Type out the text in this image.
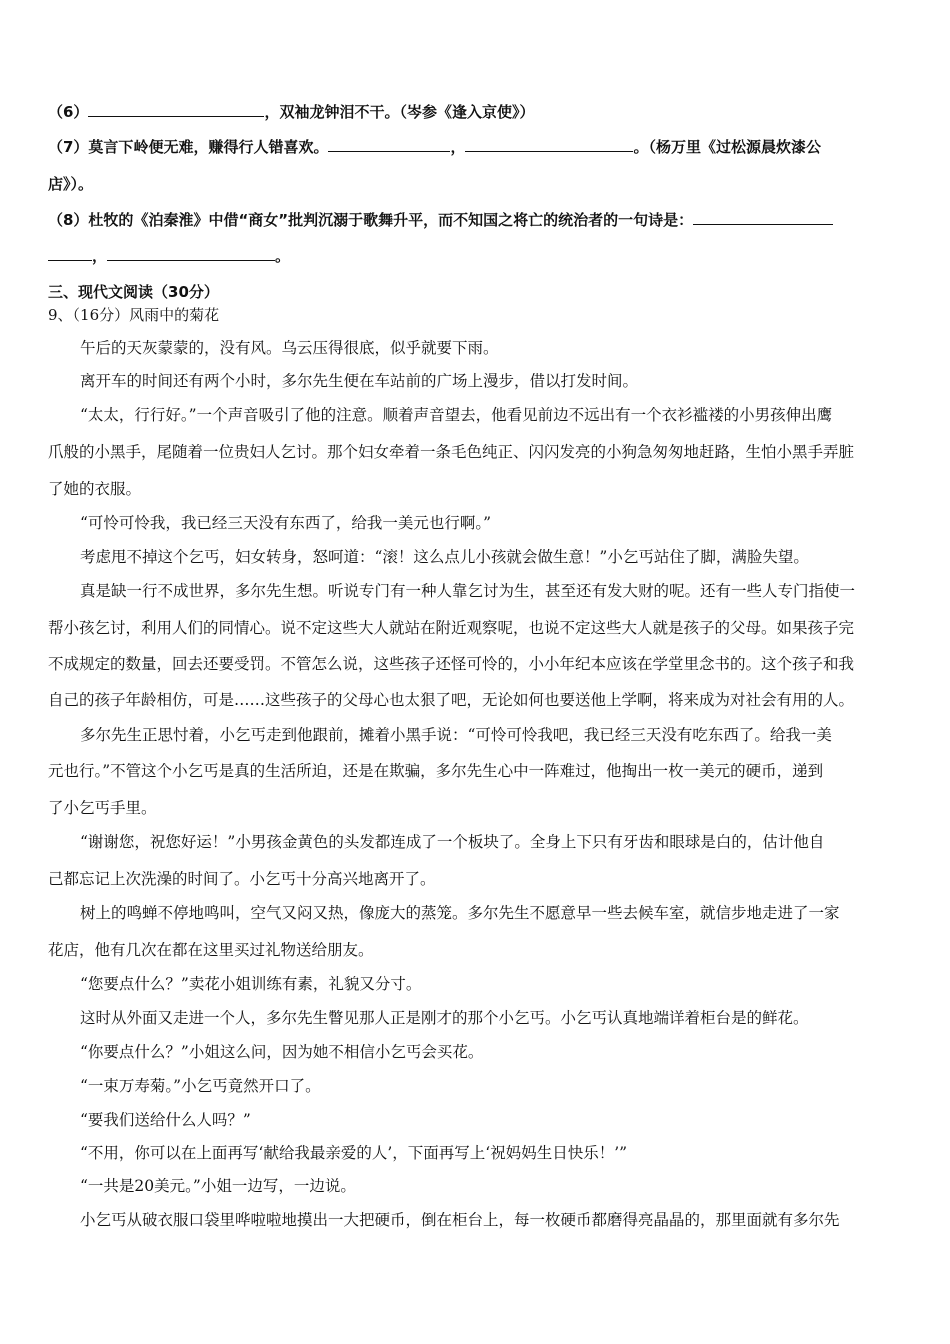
（6）	，双袖龙钟泪不干。（岑参《逢入京使》）
（7）莫言下岭便无难，赚得行人错喜欢。	，	。（杨万里《过松源晨炊漆公
店》）。
（8）杜牧的《泊秦淮》中借“商女”批判沉溺于歌舞升平，而不知国之将亡的统治者的一句诗是：
，	。
三、现代文阅读（30分）
9、（16分）风雨中的菊花
午后的天灰蒙蒙的，没有风。乌云压得很底，似乎就要下雨。
离开车的时间还有两个小时，多尔先生便在车站前的广场上漫步，借以打发时间。
“太太，行行好。”一个声音吸引了他的注意。顺着声音望去，他看见前边不远出有一个衣衫褴褛的小男孩伸出鹰
爪般的小黑手，尾随着一位贵妇人乞讨。那个妇女牵着一条毛色纯正、闪闪发亮的小狗急匆匆地赶路，生怕小黑手弄脏
了她的衣服。
“可怜可怜我，我已经三天没有东西了，给我一美元也行啊。”
考虑甩不掉这个乞丐，妇女转身，怒呵道：“滚！这么点儿小孩就会做生意！”小乞丐站住了脚，满脸失望。
真是缺一行不成世界，多尔先生想。听说专门有一种人靠乞讨为生，甚至还有发大财的呢。还有一些人专门指使一
帮小孩乞讨，利用人们的同情心。说不定这些大人就站在附近观察呢，也说不定这些大人就是孩子的父母。如果孩子完
不成规定的数量，回去还要受罚。不管怎么说，这些孩子还怪可怜的，小小年纪本应该在学堂里念书的。这个孩子和我
自己的孩子年龄相仿，可是……这些孩子的父母心也太狠了吧，无论如何也要送他上学啊，将来成为对社会有用的人。
多尔先生正思忖着，小乞丐走到他跟前，摊着小黑手说：“可怜可怜我吧，我已经三天没有吃东西了。给我一美
元也行。”不管这个小乞丐是真的生活所迫，还是在欺骗，多尔先生心中一阵难过，他掏出一枚一美元的硬币，递到
了小乞丐手里。
“谢谢您，祝您好运！”小男孩金黄色的头发都连成了一个板块了。全身上下只有牙齿和眼球是白的，估计他自
己都忘记上次洗澡的时间了。小乞丐十分高兴地离开了。
树上的鸣蝉不停地鸣叫，空气又闷又热，像庞大的蒸笼。多尔先生不愿意早一些去候车室，就信步地走进了一家
花店，他有几次在都在这里买过礼物送给朋友。
“您要点什么？”卖花小姐训练有素，礼貌又分寸。
这时从外面又走进一个人，多尔先生瞥见那人正是刚才的那个小乞丐。小乞丐认真地端详着柜台是的鲜花。
“你要点什么？”小姐这么问，因为她不相信小乞丐会买花。
“一束万寿菊。”小乞丐竟然开口了。
“要我们送给什么人吗？”
“不用，你可以在上面再写‘献给我最亲爱的人’，下面再写上‘祝妈妈生日快乐！’”
“一共是20美元。”小姐一边写，一边说。
小乞丐从破衣服口袋里哗啦啦地摸出一大把硬币，倒在柜台上，每一枚硬币都磨得亮晶晶的，那里面就有多尔先
